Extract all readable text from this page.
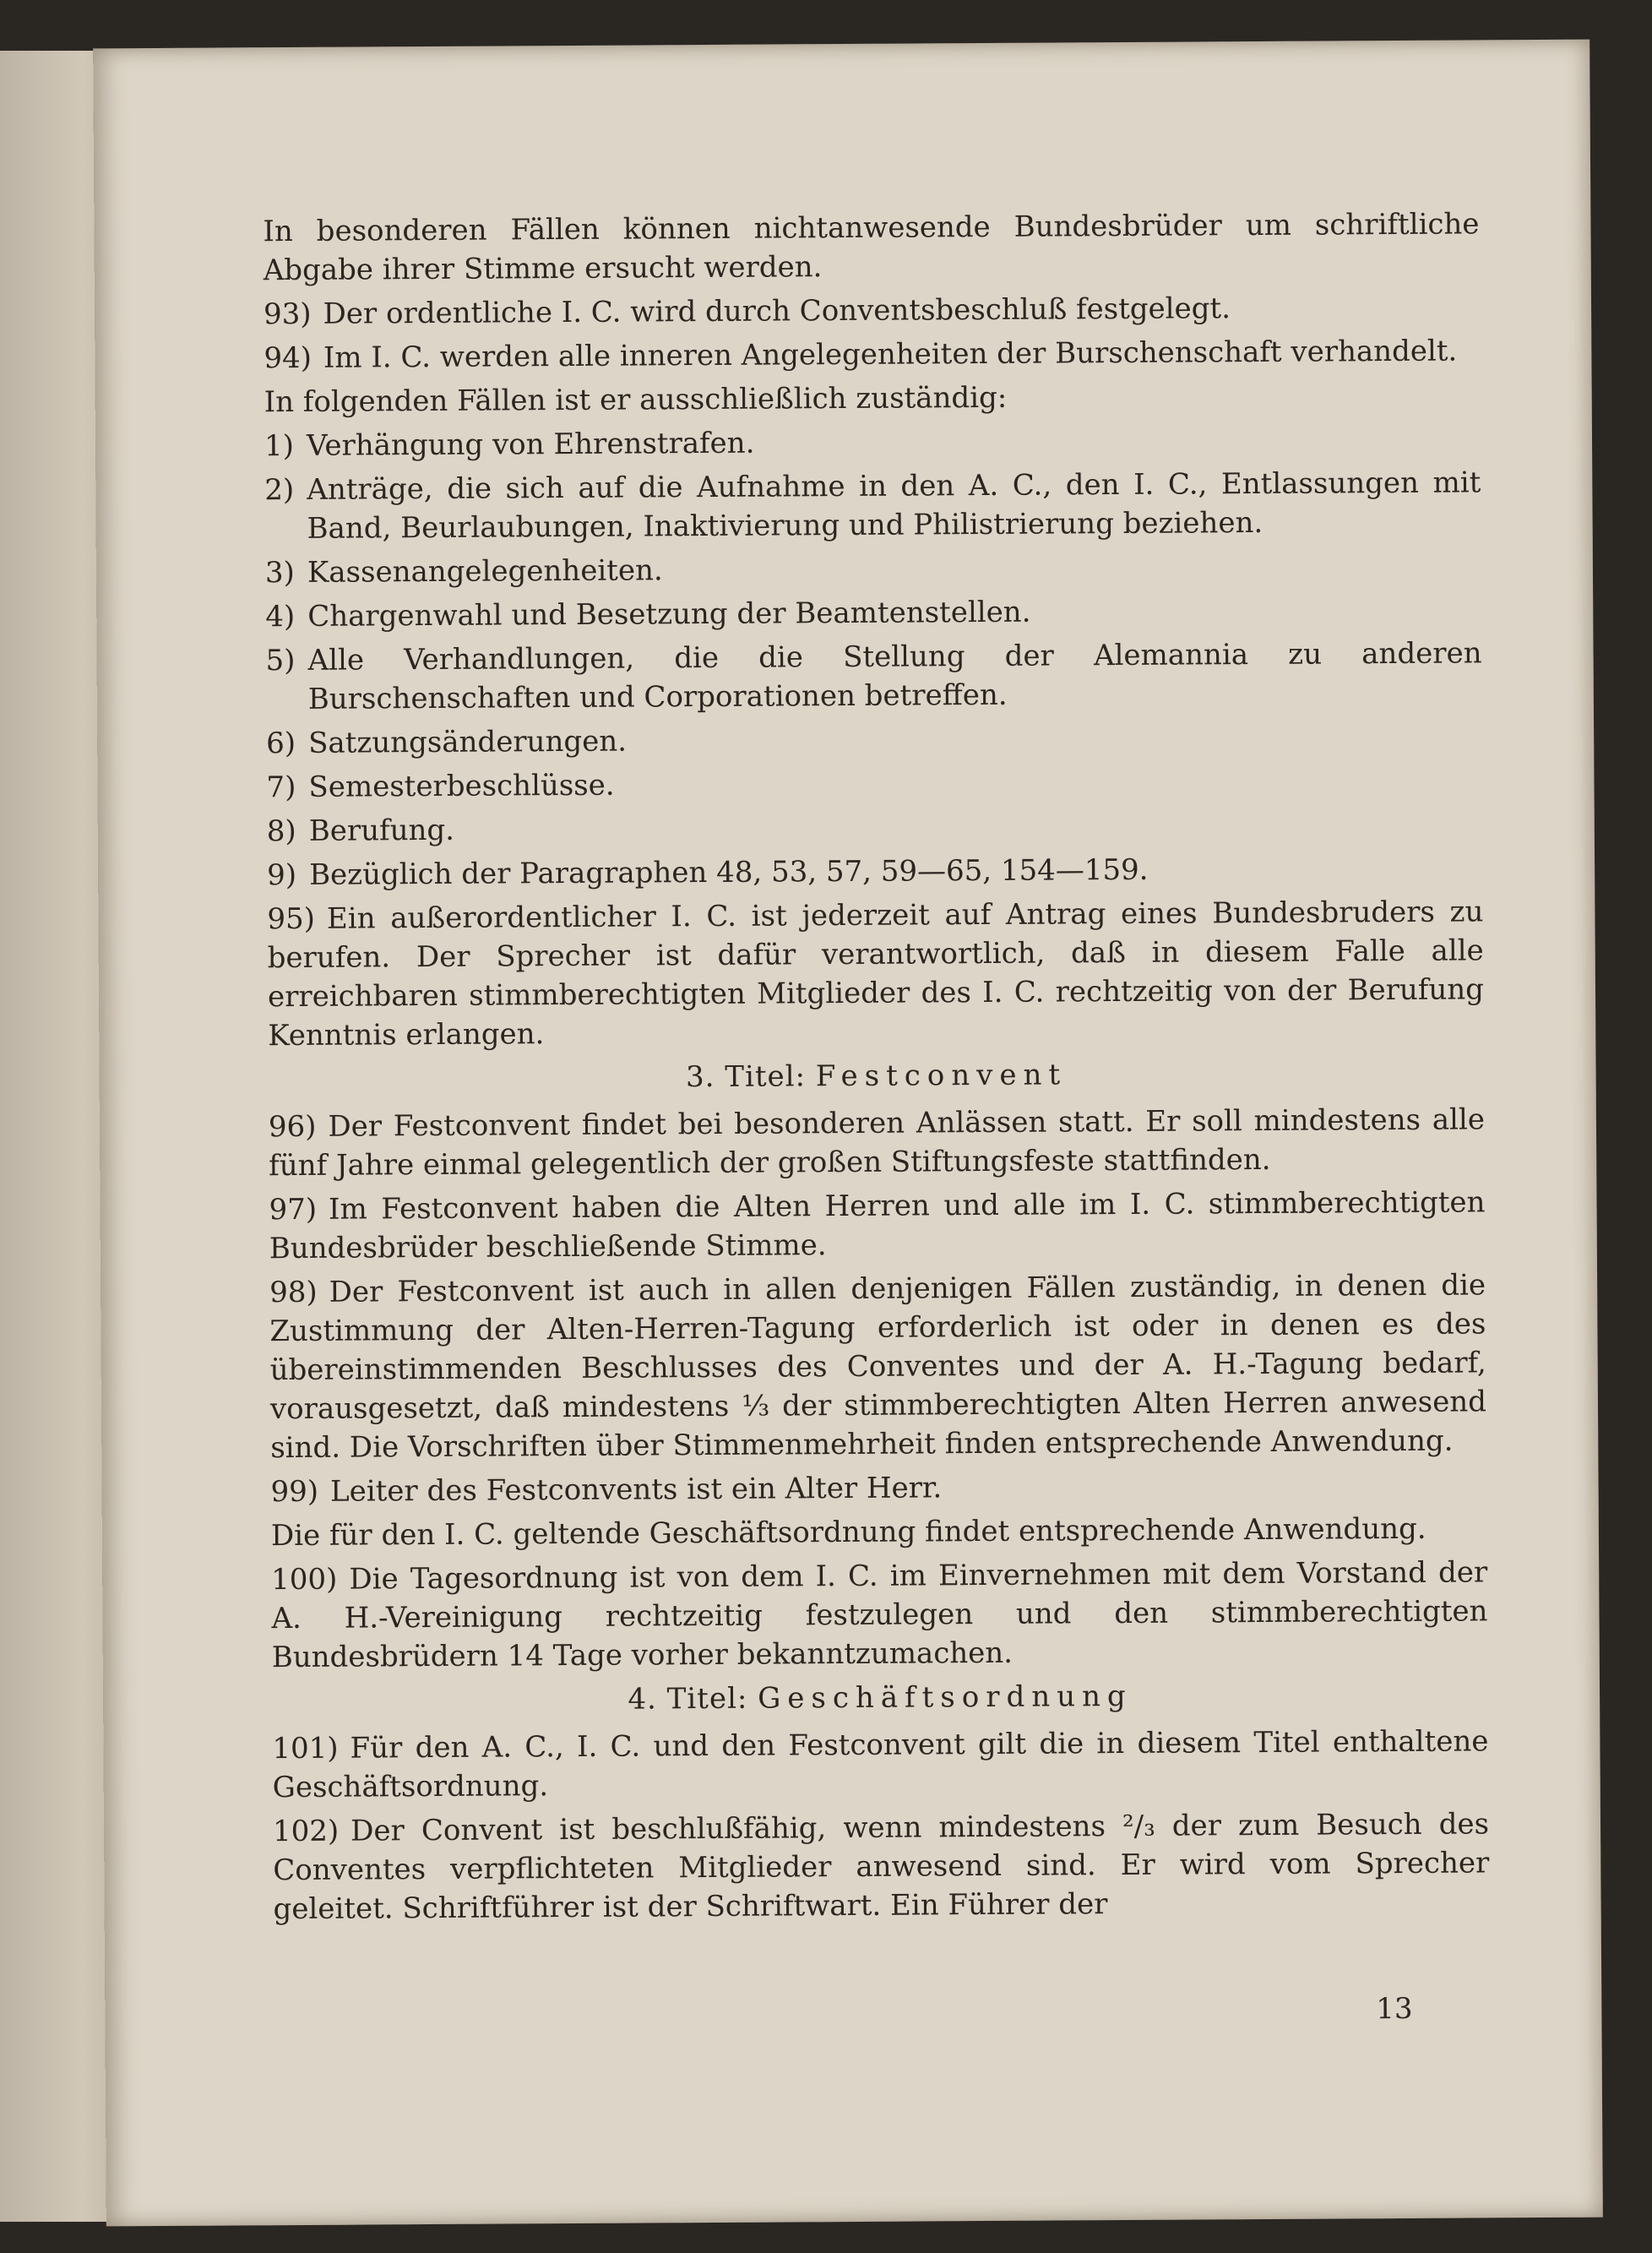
In besonderen Fällen können nichtanwesende Bundesbrüder um schriftliche Abgabe ihrer Stimme ersucht werden.

93) Der ordentliche I. C. wird durch Conventsbeschluß festgelegt.

94) Im I. C. werden alle inneren Angelegenheiten der Burschenschaft verhandelt.

In folgenden Fällen ist er ausschließlich zuständig:

1) Verhängung von Ehrenstrafen.
2) Anträge, die sich auf die Aufnahme in den A. C., den I. C., Entlassungen mit Band, Beurlaubungen, Inaktivierung und Philistrierung beziehen.
3) Kassenangelegenheiten.
4) Chargenwahl und Besetzung der Beamtenstellen.
5) Alle Verhandlungen, die die Stellung der Alemannia zu anderen Burschenschaften und Corporationen betreffen.
6) Satzungsänderungen.
7) Semesterbeschlüsse.
8) Berufung.
9) Bezüglich der Paragraphen 48, 53, 57, 59—65, 154—159.

95) Ein außerordentlicher I. C. ist jederzeit auf Antrag eines Bundesbruders zu berufen. Der Sprecher ist dafür verantwortlich, daß in diesem Falle alle erreichbaren stimmberechtigten Mitglieder des I. C. rechtzeitig von der Berufung Kenntnis erlangen.

3. Titel: Festconvent

96) Der Festconvent findet bei besonderen Anlässen statt. Er soll mindestens alle fünf Jahre einmal gelegentlich der großen Stiftungsfeste stattfinden.

97) Im Festconvent haben die Alten Herren und alle im I. C. stimmberechtigten Bundesbrüder beschließende Stimme.

98) Der Festconvent ist auch in allen denjenigen Fällen zuständig, in denen die Zustimmung der Alten-Herren-Tagung erforderlich ist oder in denen es des übereinstimmenden Beschlusses des Conventes und der A. H.-Tagung bedarf, vorausgesetzt, daß mindestens ⅓ der stimmberechtigten Alten Herren anwesend sind. Die Vorschriften über Stimmenmehrheit finden entsprechende Anwendung.

99) Leiter des Festconvents ist ein Alter Herr.

Die für den I. C. geltende Geschäftsordnung findet entsprechende Anwendung.

100) Die Tagesordnung ist von dem I. C. im Einvernehmen mit dem Vorstand der A. H.-Vereinigung rechtzeitig festzulegen und den stimmberechtigten Bundesbrüdern 14 Tage vorher bekanntzumachen.

4. Titel: Geschäftsordnung

101) Für den A. C., I. C. und den Festconvent gilt die in diesem Titel enthaltene Geschäftsordnung.

102) Der Convent ist beschlußfähig, wenn mindestens ²/₃ der zum Besuch des Conventes verpflichteten Mitglieder anwesend sind. Er wird vom Sprecher geleitet. Schriftführer ist der Schriftwart. Ein Führer der

13
